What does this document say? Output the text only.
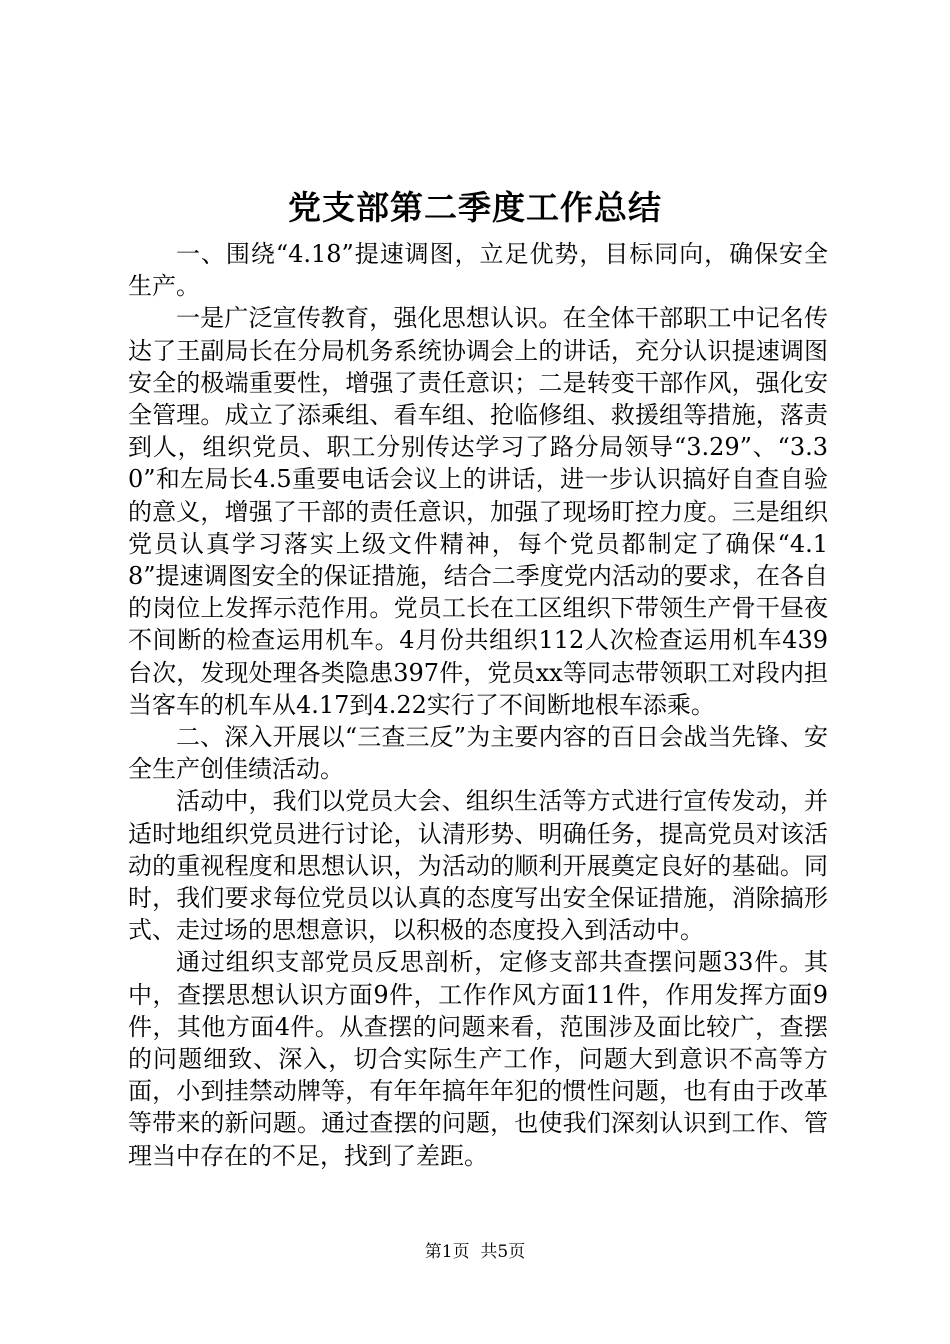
党支部第二季度工作总结

一、围绕“4.18”提速调图，立足优势，目标同向，确保安全生产。

一是广泛宣传教育，强化思想认识。在全体干部职工中记名传达了王副局长在分局机务系统协调会上的讲话，充分认识提速调图安全的极端重要性，增强了责任意识；二是转变干部作风，强化安全管理。成立了添乘组、看车组、抢临修组、救援组等措施，落责到人，组织党员、职工分别传达学习了路分局领导“3.29”、“3.30”和左局长4.5重要电话会议上的讲话，进一步认识搞好自查自验的意义，增强了干部的责任意识，加强了现场盯控力度。三是组织党员认真学习落实上级文件精神，每个党员都制定了确保“4.18”提速调图安全的保证措施，结合二季度党内活动的要求，在各自的岗位上发挥示范作用。党员工长在工区组织下带领生产骨干昼夜不间断的检查运用机车。4月份共组织112人次检查运用机车439台次，发现处理各类隐患397件，党员xx等同志带领职工对段内担当客车的机车从4.17到4.22实行了不间断地根车添乘。

二、深入开展以“三查三反”为主要内容的百日会战当先锋、安全生产创佳绩活动。

活动中，我们以党员大会、组织生活等方式进行宣传发动，并适时地组织党员进行讨论，认清形势、明确任务，提高党员对该活动的重视程度和思想认识，为活动的顺利开展奠定良好的基础。同时，我们要求每位党员以认真的态度写出安全保证措施，消除搞形式、走过场的思想意识，以积极的态度投入到活动中。

通过组织支部党员反思剖析，定修支部共查摆问题33件。其中，查摆思想认识方面9件，工作作风方面11件，作用发挥方面9件，其他方面4件。从查摆的问题来看，范围涉及面比较广，查摆的问题细致、深入，切合实际生产工作，问题大到意识不高等方面，小到挂禁动牌等，有年年搞年年犯的惯性问题，也有由于改革等带来的新问题。通过查摆的问题，也使我们深刻认识到工作、管理当中存在的不足，找到了差距。

第1页 共5页
